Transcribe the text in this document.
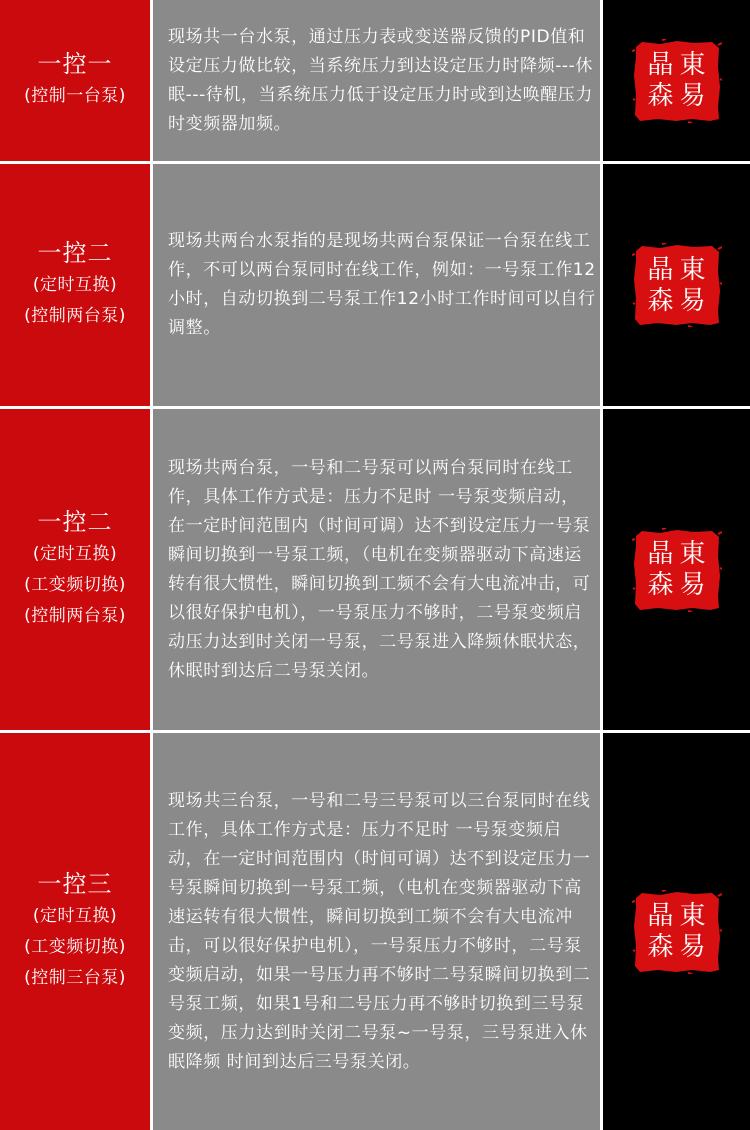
一控一
(控制一台泵)

现场共一台水泵，通过压力表或变送器反馈的PID值和设定压力做比较，当系统压力到达设定压力时降频---休眠---待机，当系统压力低于设定压力时或到达唤醒压力时变频器加频。

晶 東
森 易
一控二
(定时互换)
(控制两台泵)

现场共两台水泵指的是现场共两台泵保证一台泵在线工作，不可以两台泵同时在线工作，例如：一号泵工作12小时，自动切换到二号泵工作12小时工作时间可以自行调整。

晶 東
森 易
一控二
(定时互换)
(工变频切换)
(控制两台泵)

现场共两台泵，一号和二号泵可以两台泵同时在线工作，具体工作方式是：压力不足时 一号泵变频启动，在一定时间范围内（时间可调）达不到设定压力一号泵瞬间切换到一号泵工频，（电机在变频器驱动下高速运转有很大惯性，瞬间切换到工频不会有大电流冲击，可以很好保护电机），一号泵压力不够时，二号泵变频启动压力达到时关闭一号泵，二号泵进入降频休眠状态，休眠时到达后二号泵关闭。

晶 東
森 易
一控三
(定时互换)
(工变频切换)
(控制三台泵)

现场共三台泵，一号和二号三号泵可以三台泵同时在线工作，具体工作方式是：压力不足时 一号泵变频启动，在一定时间范围内（时间可调）达不到设定压力一号泵瞬间切换到一号泵工频，（电机在变频器驱动下高速运转有很大惯性，瞬间切换到工频不会有大电流冲击，可以很好保护电机），一号泵压力不够时，二号泵变频启动，如果一号压力再不够时二号泵瞬间切换到二号泵工频，如果1号和二号压力再不够时切换到三号泵变频，压力达到时关闭二号泵~一号泵，三号泵进入休眠降频 时间到达后三号泵关闭。

晶 東
森 易
